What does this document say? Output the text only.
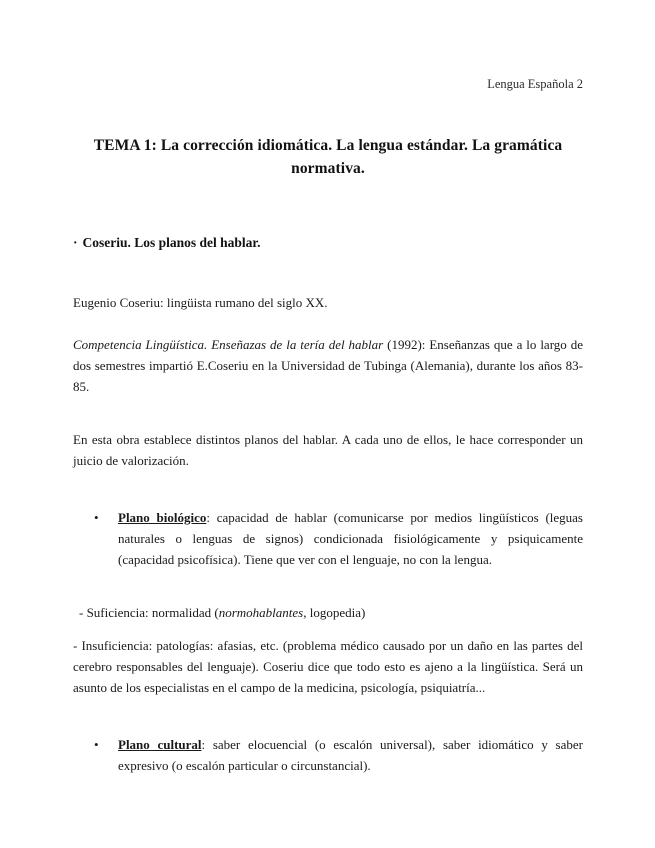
Lengua Española 2
TEMA 1: La corrección idiomática. La lengua estándar. La gramática normativa.
· Coseriu. Los planos del hablar.

Eugenio Coseriu: lingüista rumano del siglo XX.

Competencia Lingüística. Enseñazas de la tería del hablar (1992): Enseñanzas que a lo largo de dos semestres impartió E.Coseriu en la Universidad de Tubinga (Alemania), durante los años 83-85.

En esta obra establece distintos planos del hablar. A cada uno de ellos, le hace corresponder un juicio de valorización.

•	Plano biológico: capacidad de hablar (comunicarse por medios lingüísticos (leguas naturales o lenguas de signos) condicionada fisiológicamente y psiquicamente (capacidad psicofísica). Tiene que ver con el lenguaje, no con la lengua.

- Suficiencia: normalidad (normohablantes, logopedia)

- Insuficiencia: patologías: afasias, etc. (problema médico causado por un daño en las partes del cerebro responsables del lenguaje). Coseriu dice que todo esto es ajeno a la lingüística. Será un asunto de los especialistas en el campo de la medicina, psicología, psiquiatría...

•	Plano cultural: saber elocuencial (o escalón universal), saber idiomático y saber expresivo (o escalón particular o circunstancial).
